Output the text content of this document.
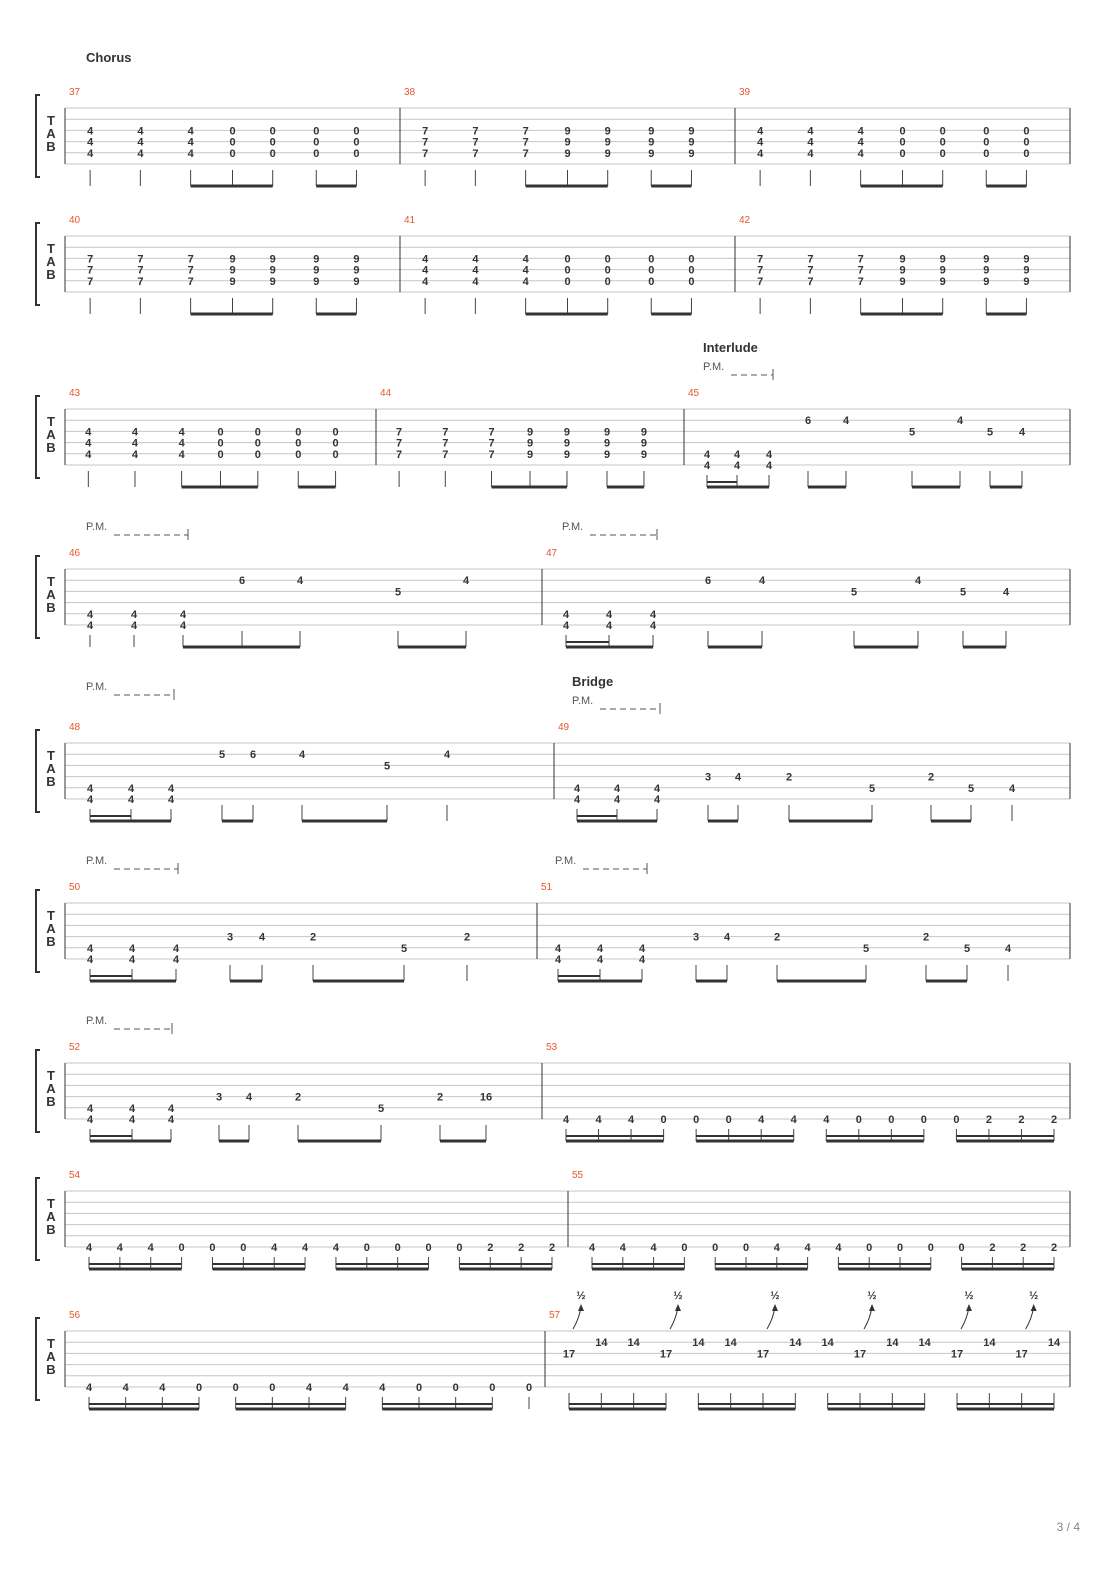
Chorus
T
A
B
37
4
4
4
4
4
4
4
4
4
0
0
0
0
0
0
0
0
0
0
0
0
38
7
7
7
7
7
7
7
7
7
9
9
9
9
9
9
9
9
9
9
9
9
39
4
4
4
4
4
4
4
4
4
0
0
0
0
0
0
0
0
0
0
0
0
T
A
B
40
7
7
7
7
7
7
7
7
7
9
9
9
9
9
9
9
9
9
9
9
9
41
4
4
4
4
4
4
4
4
4
0
0
0
0
0
0
0
0
0
0
0
0
42
7
7
7
7
7
7
7
7
7
9
9
9
9
9
9
9
9
9
9
9
9
Interlude
P.M.
T
A
B
43
4
4
4
4
4
4
4
4
4
0
0
0
0
0
0
0
0
0
0
0
0
44
7
7
7
7
7
7
7
7
7
9
9
9
9
9
9
9
9
9
9
9
9
45
4
4
4
4
4
4
6	4
5
4
5 4
P.M.	P.M.
T
A
B
46
4
4
4
4
4
4
6	4
5
4
47
4
4
4
4
4
4
6	4
5
4
5	4
Bridge
P.M.
P.M.
T
A
B
48
4
4
4
4
4
4
5 6	4
5
4
49
4
4
4
4
4
4
3 4	2
5
2
5	4
P.M.	P.M.
T
A
B
50
4
4
4
4
4
4
3 4	2
5
2
51
4
4
4
4
4
4
3 4	2
5
2
5	4
P.M.
T
A
B
52
4
4
4
4
4
4
3 4	2
5
2	16
53
4 4 4 0 0 0 4 4 4 0 0 0 0 2 2 2
T
A
B
54
4 4 4 0 0 0 4 4 4 0 0 0 0 2 2 2
55
4 4 4 0 0 0 4 4 4 0 0 0 0 2 2 2
T
A
B
56
4	4	4	0	0	0	4	4	4	0	0	0	0
57
17
½
14 14
17
½
14 14
17
½
14 14
17
½
14 14
17
½
14
17
½
14
3 / 4
